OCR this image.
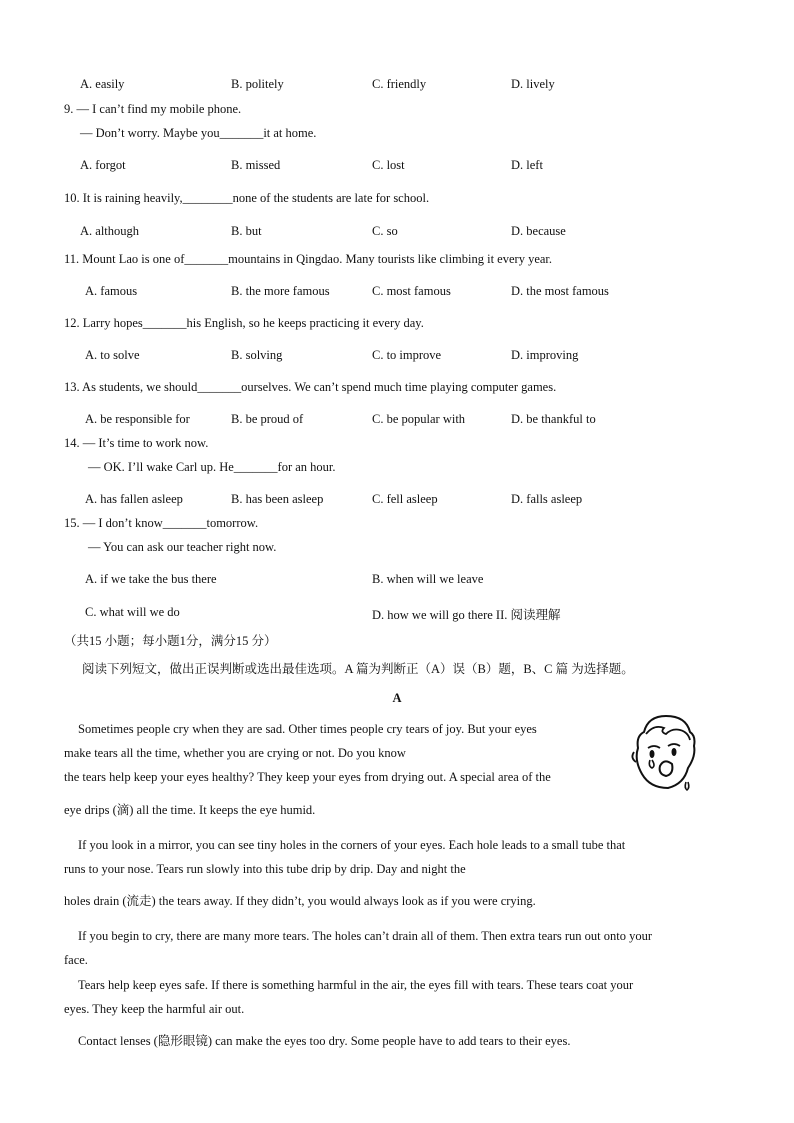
A. easily	B. politely	C. friendly	D. lively
9. — I can’t find my mobile phone.
— Don’t worry. Maybe you_______it at home.
A. forgot	B. missed	C. lost	D. left
10. It is raining heavily,________none of the students are late for school.
A. although	B. but	C. so	D. because
11. Mount Lao is one of_______mountains in Qingdao. Many tourists like climbing it every year.
A. famous	B. the more famous	C. most famous	D. the most famous
12. Larry hopes_______his English, so he keeps practicing it every day.
A. to solve	B. solving	C. to improve	D. improving
13. As students, we should_______ourselves. We can’t spend much time playing computer games.
A. be responsible for	B. be proud of	C. be popular with	D. be thankful to
14. — It’s time to work now.
— OK. I’ll wake Carl up. He_______for an hour.
A. has fallen asleep	B. has been asleep	C. fell asleep	D. falls asleep
15. — I don’t know_______tomorrow.
— You can ask our teacher right now.
A. if we take the bus there	B. when will we leave
C. what will we do	D. how we will go there II. 阅读理解
（共15 小题；每小题1分，满分15 分）
阅读下列短文，做出正误判断或选出最佳选项。A 篇为判断正（A）误（B）题，B、C 篇 为选择题。
A
Sometimes people cry when they are sad. Other times people cry tears of joy. But your eyes
make tears all the time, whether you are crying or not. Do you know
the tears help keep your eyes healthy? They keep your eyes from drying out. A special area of the
eye drips (滴) all the time. It keeps the eye humid.
If you look in a mirror, you can see tiny holes in the corners of your eyes. Each hole leads to a small tube that
runs to your nose. Tears run slowly into this tube drip by drip. Day and night the
holes drain (流走) the tears away. If they didn’t, you would always look as if you were crying.
If you begin to cry, there are many more tears. The holes can’t drain all of them. Then extra tears run out onto your
face.
Tears help keep eyes safe. If there is something harmful in the air, the eyes fill with tears. These tears coat your
eyes. They keep the harmful air out.
Contact lenses (隐形眼镜) can make the eyes too dry. Some people have to add tears to their eyes.
